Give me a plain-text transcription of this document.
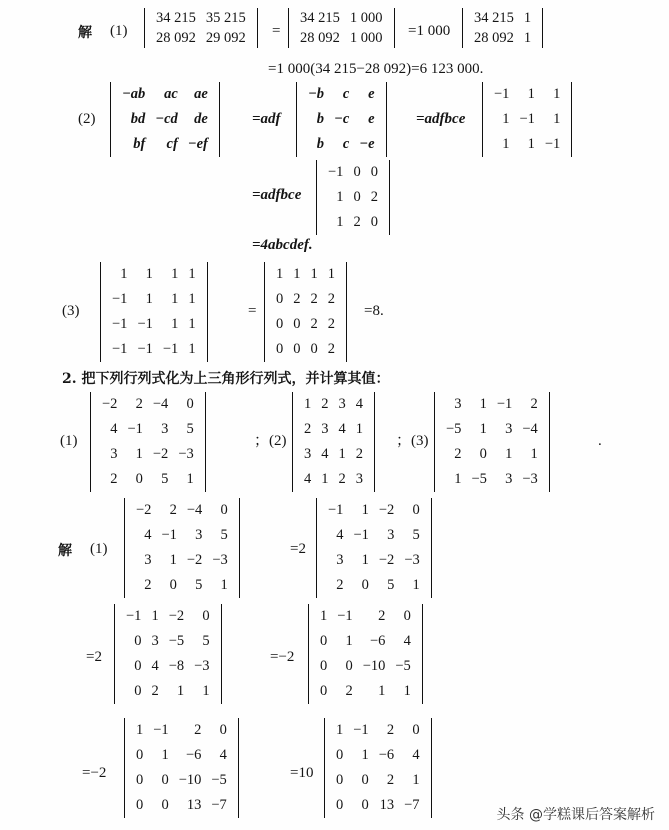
解 (1)
34 215	35 215
28 092	29 092 =
34 215	1 000
28 092	1 000 =1 000
34 215	1
28 092	1
=1 000(34 215−28 092)=6 123 000.
(2)
−ab	ac	ae
bd	−cd	de
bf	cf	−ef
=adf
−b	c	e
b	−c	e
b	c	−e
=adfbce
−1	1	1
1	−1	1
1	1	−1
=adfbce
−1	0	0
1	0	2
1	2	0
=4abcdef.
(3)
1	1	1	1
−1	1	1	1
−1	−1	1	1
−1	−1	−1	1
=
1	1	1	1
0	2	2	2
0	0	2	2
0	0	0	2
=8.
2. 把下列行列式化为上三角形行列式，并计算其值：
(1)
−2	2	−4	0
4	−1	3	5
3	1	−2	−3
2	0	5	1
；(2)
1	2	3	4
2	3	4	1
3	4	1	2
4	1	2	3
；(3)
3	1	−1	2
−5	1	3	−4
2	0	1	1
1	−5	3	−3
.
解 (1)
−2	2	−4	0
4	−1	3	5
3	1	−2	−3
2	0	5	1
=2
−1	1	−2	0
4	−1	3	5
3	1	−2	−3
2	0	5	1
=2
−1	1	−2	0
0	3	−5	5
0	4	−8	−3
0	2	1	1
=−2
1	−1	2	0
0	1	−6	4
0	0	−10	−5
0	2	1	1
=−2
1	−1	2	0
0	1	−6	4
0	0	−10	−5
0	0	13	−7
=10
1	−1	2	0
0	1	−6	4
0	0	2	1
0	0	13	−7
头条 @学糕课后答案解析
